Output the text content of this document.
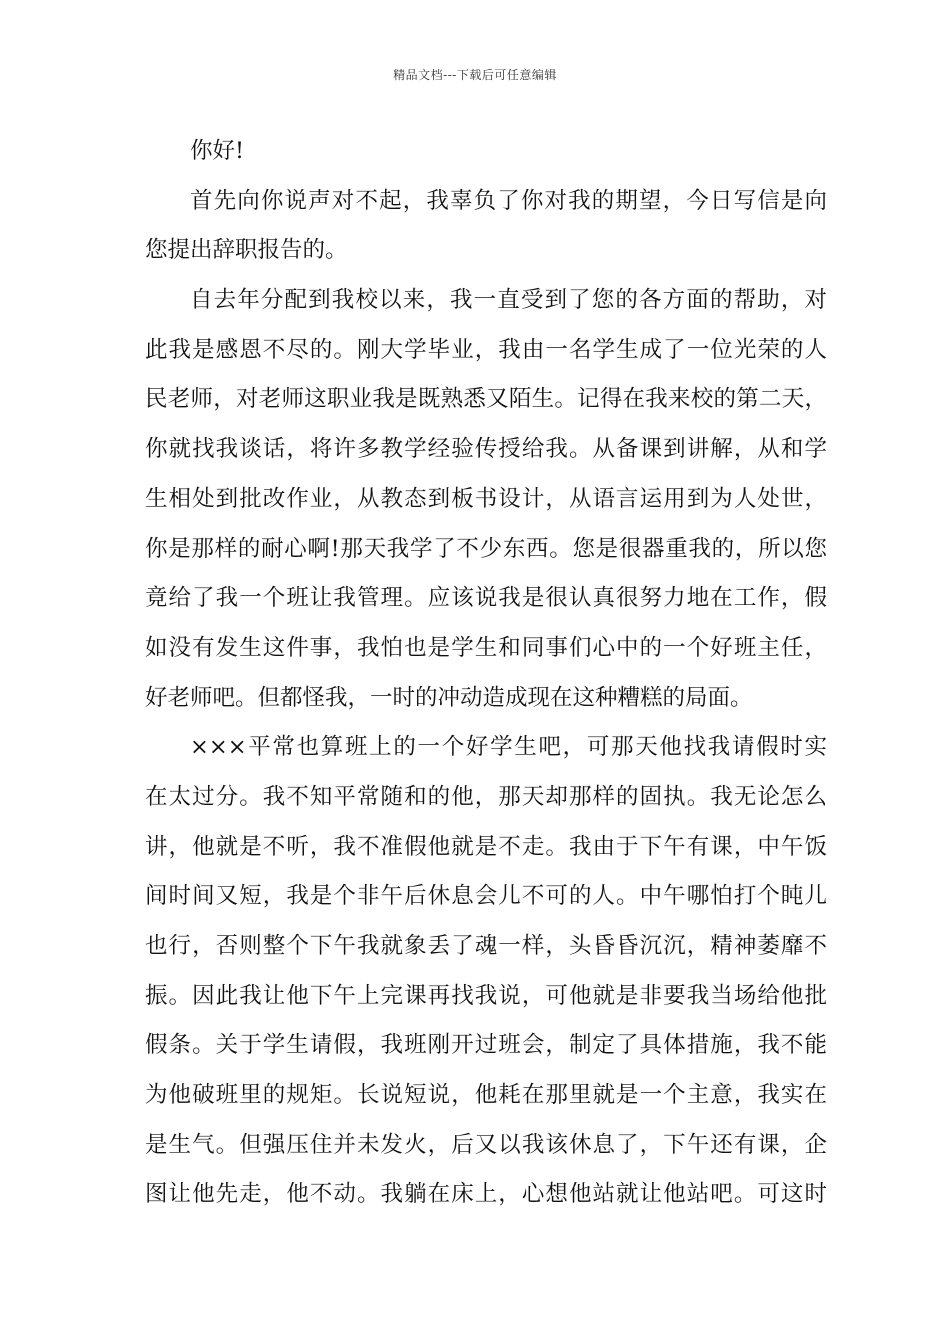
精品文档---下载后可任意编辑
你好!
首先向你说声对不起，我辜负了你对我的期望，今日写信是向
您提出辞职报告的。
自去年分配到我校以来，我一直受到了您的各方面的帮助，对
此我是感恩不尽的。刚大学毕业，我由一名学生成了一位光荣的人
民老师，对老师这职业我是既熟悉又陌生。记得在我来校的第二天，
你就找我谈话，将许多教学经验传授给我。从备课到讲解，从和学
生相处到批改作业，从教态到板书设计，从语言运用到为人处世，
你是那样的耐心啊!那天我学了不少东西。您是很器重我的，所以您
竟给了我一个班让我管理。应该说我是很认真很努力地在工作，假
如没有发生这件事，我怕也是学生和同事们心中的一个好班主任，
好老师吧。但都怪我，一时的冲动造成现在这种糟糕的局面。
×××平常也算班上的一个好学生吧，可那天他找我请假时实
在太过分。我不知平常随和的他，那天却那样的固执。我无论怎么
讲，他就是不听，我不准假他就是不走。我由于下午有课，中午饭
间时间又短，我是个非午后休息会儿不可的人。中午哪怕打个盹儿
也行，否则整个下午我就象丢了魂一样，头昏昏沉沉，精神萎靡不
振。因此我让他下午上完课再找我说，可他就是非要我当场给他批
假条。关于学生请假，我班刚开过班会，制定了具体措施，我不能
为他破班里的规矩。长说短说，他耗在那里就是一个主意，我实在
是生气。但强压住并未发火，后又以我该休息了，下午还有课，企
图让他先走，他不动。我躺在床上，心想他站就让他站吧。可这时
